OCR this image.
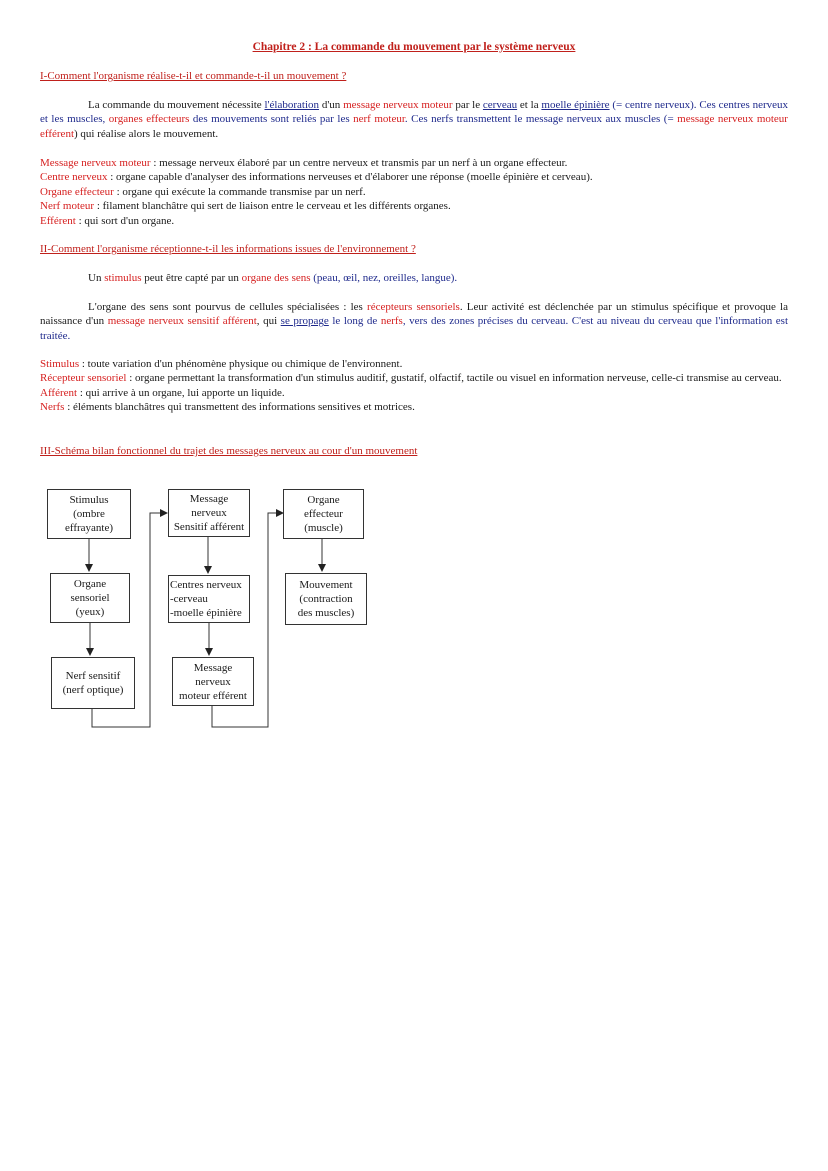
Chapitre 2 : La commande du mouvement par le système nerveux
I-Comment l'organisme réalise-t-il et commande-t-il un mouvement ?
La commande du mouvement nécessite l'élaboration d'un message nerveux moteur par le cerveau et la moelle épinière (= centre nerveux). Ces centres nerveux et les muscles, organes effecteurs des mouvements sont reliés par les nerf moteur. Ces nerfs transmettent le message nerveux aux muscles (= message nerveux moteur efférent) qui réalise alors le mouvement.
Message nerveux moteur : message nerveux élaboré par un centre nerveux et transmis par un nerf à un organe effecteur.
Centre nerveux : organe capable d'analyser des informations nerveuses et d'élaborer une réponse (moelle épinière et cerveau).
Organe effecteur : organe qui exécute la commande transmise par un nerf.
Nerf moteur : filament blanchâtre qui sert de liaison entre le cerveau et les différents organes.
Efférent : qui sort d'un organe.
II-Comment l'organisme réceptionne-t-il les informations issues de l'environnement ?
Un stimulus peut être capté par un organe des sens (peau, œil, nez, oreilles, langue).
L'organe des sens sont pourvus de cellules spécialisées : les récepteurs sensoriels. Leur activité est déclenchée par un stimulus spécifique et provoque la naissance d'un message nerveux sensitif afférent, qui se propage le long de nerfs, vers des zones précises du cerveau. C'est au niveau du cerveau que l'information est traitée.
Stimulus : toute variation d'un phénomène physique ou chimique de l'environnent.
Récepteur sensoriel : organe permettant la transformation d'un stimulus auditif, gustatif, olfactif, tactile ou visuel en information nerveuse, celle-ci transmise au cerveau.
Afférent : qui arrive à un organe, lui apporte un liquide.
Nerfs : éléments blanchâtres qui transmettent des informations sensitives et motrices.
III-Schéma bilan fonctionnel du trajet des messages nerveux au cour d'un mouvement
Stimulus
(ombre
effrayante)
Organe
sensoriel
(yeux)
Nerf sensitif
(nerf optique)
Message
nerveux
Sensitif afférent
Centres nerveux
-cerveau
-moelle épinière
Message
nerveux
moteur efférent
Organe
effecteur
(muscle)
Mouvement
(contraction
des muscles)
